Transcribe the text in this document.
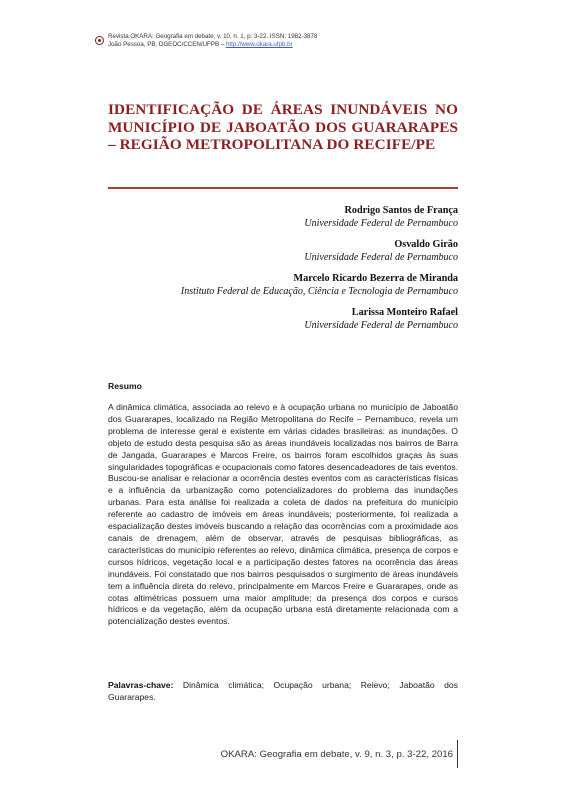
Revista OKARA: Geografia em debate, v. 10, n. 1, p. 3-22. ISSN: 1982-3878
João Pessoa, PB, DGEOC/CCEN/UFPB – http://www.okara.ufpb.br
IDENTIFICAÇÃO DE ÁREAS INUNDÁVEIS NO MUNICÍPIO DE JABOATÃO DOS GUARARAPES – REGIÃO METROPOLITANA DO RECIFE/PE
Rodrigo Santos de França
Universidade Federal de Pernambuco
Osvaldo Girão
Universidade Federal de Pernambuco
Marcelo Ricardo Bezerra de Miranda
Instituto Federal de Educação, Ciência e Tecnologia de Pernambuco
Larissa Monteiro Rafael
Universidade Federal de Pernambuco
Resumo
A dinâmica climática, associada ao relevo e à ocupação urbana no município de Jaboatão dos Guararapes, localizado na Região Metropolitana do Recife – Pernambuco, revela um problema de interesse geral e existente em várias cidades brasileiras: as inundações. O objeto de estudo desta pesquisa são as áreas inundáveis localizadas nos bairros de Barra de Jangada, Guararapes e Marcos Freire, os bairros foram escolhidos graças às suas singularidades topográficas e ocupacionais como fatores desencadeadores de tais eventos. Buscou-se analisar e relacionar a ocorrência destes eventos com as características físicas e a influência da urbanização como potencializadores do problema das inundações urbanas. Para esta análise foi realizada a coleta de dados na prefeitura do município referente ao cadastro de imóveis em áreas inundáveis; posteriormente, foi realizada a espacialização destes imóveis buscando a relação das ocorrências com a proximidade aos canais de drenagem, além de observar, através de pesquisas bibliográficas, as características do município referentes ao relevo, dinâmica climática, presença de corpos e cursos hídricos, vegetação local e a participação destes fatores na ocorrência das áreas inundáveis. Foi constatado que nos bairros pesquisados o surgimento de áreas inundáveis tem a influência direta do relevo, principalmente em Marcos Freire e Guararapes, onde as cotas altimétricas possuem uma maior amplitude; da presença dos corpos e cursos hídricos e da vegetação, além da ocupação urbana está diretamente relacionada com a potencialização destes eventos.
Palavras-chave: Dinâmica climática; Ocupação urbana; Relevo; Jaboatão dos Guararapes.
OKARA: Geografia em debate, v. 9, n. 3, p. 3-22, 2016
